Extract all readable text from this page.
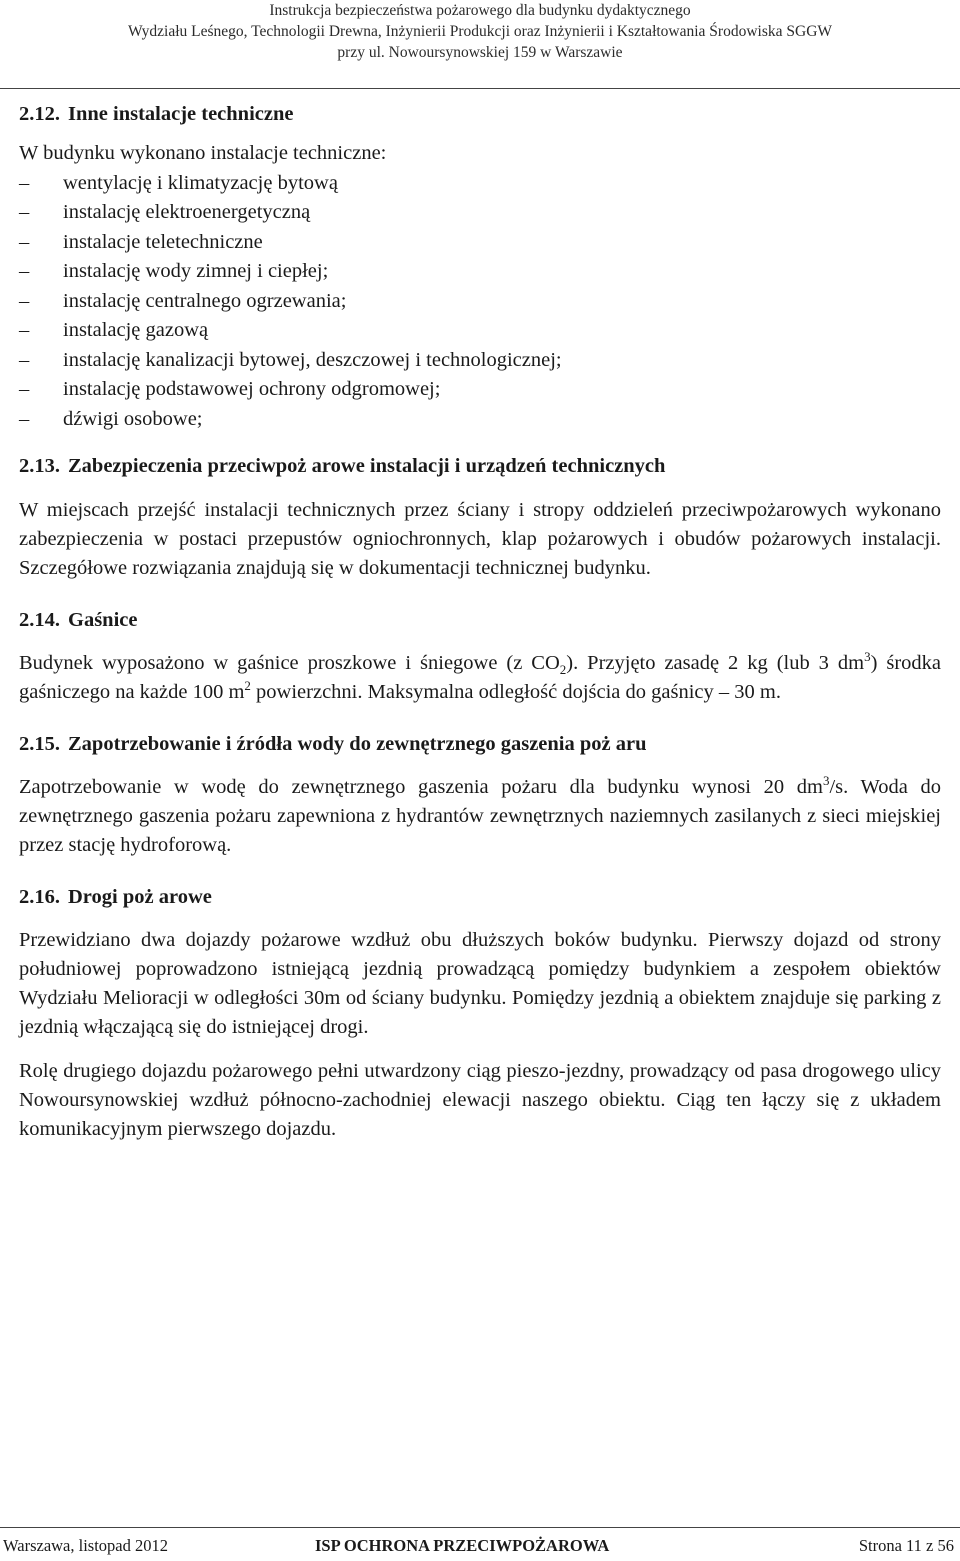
Instrukcja bezpieczeństwa pożarowego dla budynku dydaktycznego
Wydziału Leśnego, Technologii Drewna, Inżynierii Produkcji oraz Inżynierii i Kształtowania Środowiska SGGW
przy ul. Nowoursynowskiej 159 w Warszawie
2.12. Inne instalacje techniczne

W budynku wykonano instalacje techniczne:

–	wentylację i klimatyzację bytową
–	instalację elektroenergetyczną
–	instalacje teletechniczne
–	instalację wody zimnej i ciepłej;
–	instalację centralnego ogrzewania;
–	instalację gazową
–	instalację kanalizacji bytowej, deszczowej i technologicznej;
–	instalację podstawowej ochrony odgromowej;
–	dźwigi osobowe;
2.13. Zabezpieczenia przeciwpoż arowe instalacji i urządzeń technicznych

W miejscach przejść instalacji technicznych przez ściany i stropy oddzieleń przeciwpożarowych wykonano zabezpieczenia w postaci przepustów ogniochronnych, klap pożarowych i obudów pożarowych instalacji. Szczegółowe rozwiązania znajdują się w dokumentacji technicznej budynku.

2.14. Gaśnice

Budynek wyposażono w gaśnice proszkowe i śniegowe (z $CO_2$). Przyjęto zasadę 2 kg (lub 3 $dm^3$) środka gaśniczego na każde 100 $m^2$ powierzchni. Maksymalna odległość dojścia do gaśnicy – 30 m.

2.15. Zapotrzebowanie i źródła wody do zewnętrznego gaszenia poż aru

Zapotrzebowanie w wodę do zewnętrznego gaszenia pożaru dla budynku wynosi 20 $dm^3/s$. Woda do zewnętrznego gaszenia pożaru zapewniona z hydrantów zewnętrznych naziemnych zasilanych z sieci miejskiej przez stację hydroforową.

2.16. Drogi poż arowe

Przewidziano dwa dojazdy pożarowe wzdłuż obu dłuższych boków budynku. Pierwszy dojazd od strony południowej poprowadzono istniejącą jezdnią prowadzącą pomiędzy budynkiem a zespołem obiektów Wydziału Melioracji w odległości 30m od ściany budynku. Pomiędzy jezdnią a obiektem znajduje się parking z jezdnią włączającą się do istniejącej drogi.

Rolę drugiego dojazdu pożarowego pełni utwardzony ciąg pieszo-jezdny, prowadzący od pasa drogowego ulicy Nowoursynowskiej wzdłuż północno-zachodniej elewacji naszego obiektu. Ciąg ten łączy się z układem komunikacyjnym pierwszego dojazdu.

Warszawa, listopad 2012	ISP OCHRONA PRZECIWPOŻAROWA	Strona 11 z 56
